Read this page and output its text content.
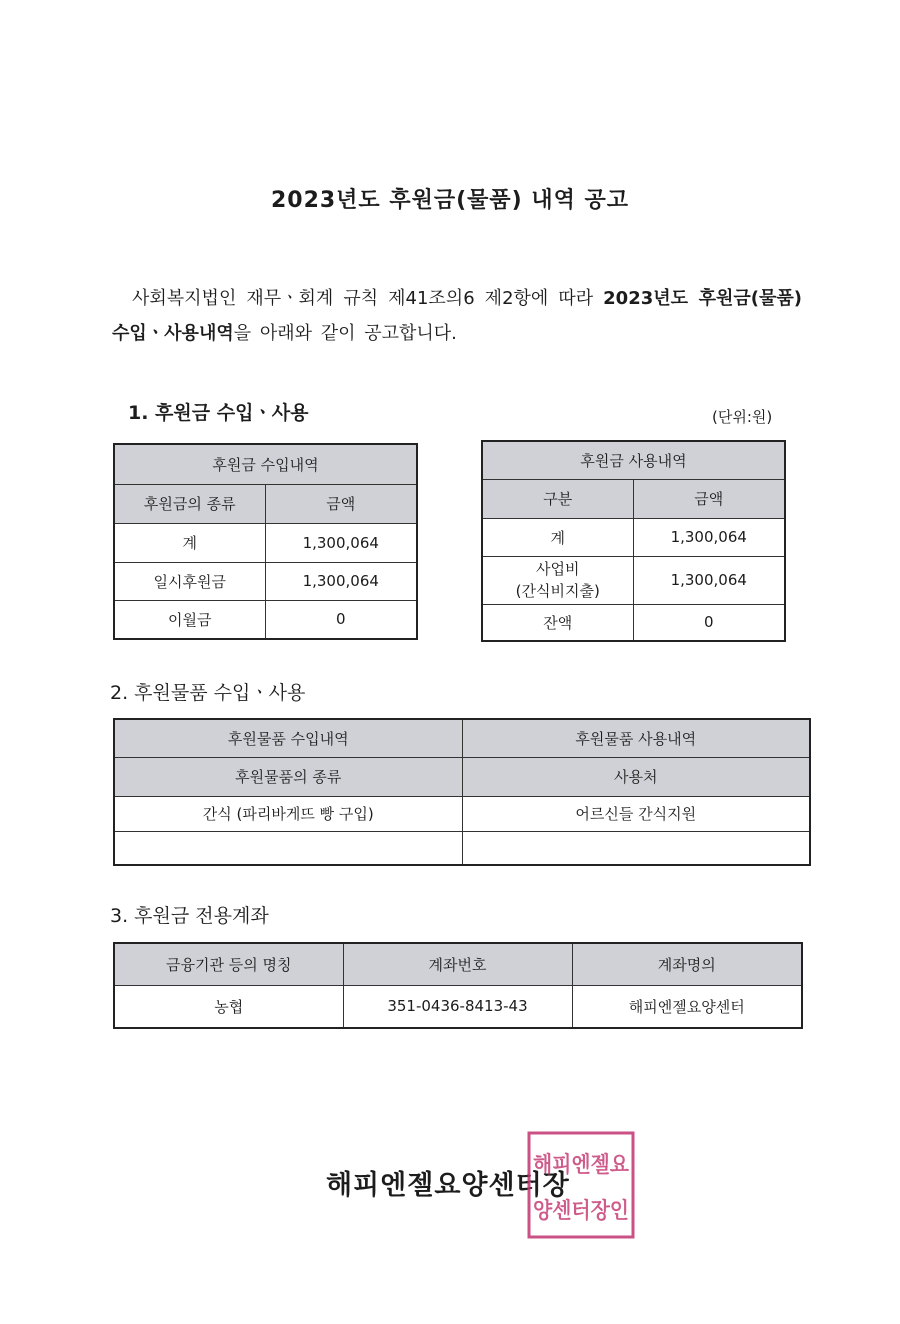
2023년도 후원금(물품) 내역 공고
사회복지법인 재무ㆍ회계 규칙 제41조의6 제2항에 따라 2023년도 후원금(물품) 수입ㆍ사용내역을 아래와 같이 공고합니다.
1. 후원금 수입ㆍ사용	(단위:원)
후원금 수입내역	
후원금의 종류	금액
계	1,300,064
일시후원금	1,300,064
이월금	0
후원금 사용내역	
구분	금액
계	1,300,064

사업비
(간식비지출)	1,300,064
잔액	0
2. 후원물품 수입ㆍ사용
후원물품 수입내역	후원물품 사용내역
후원물품의 종류	사용처
간식 (파리바게뜨 빵 구입)	어르신들 간식지원

3. 후원금 전용계좌
금융기관 등의 명칭	계좌번호	계좌명의
농협	351-0436-8413-43	해피엔젤요양센터
해피엔젤요양센터장
해피엔젤요
양센터장인
